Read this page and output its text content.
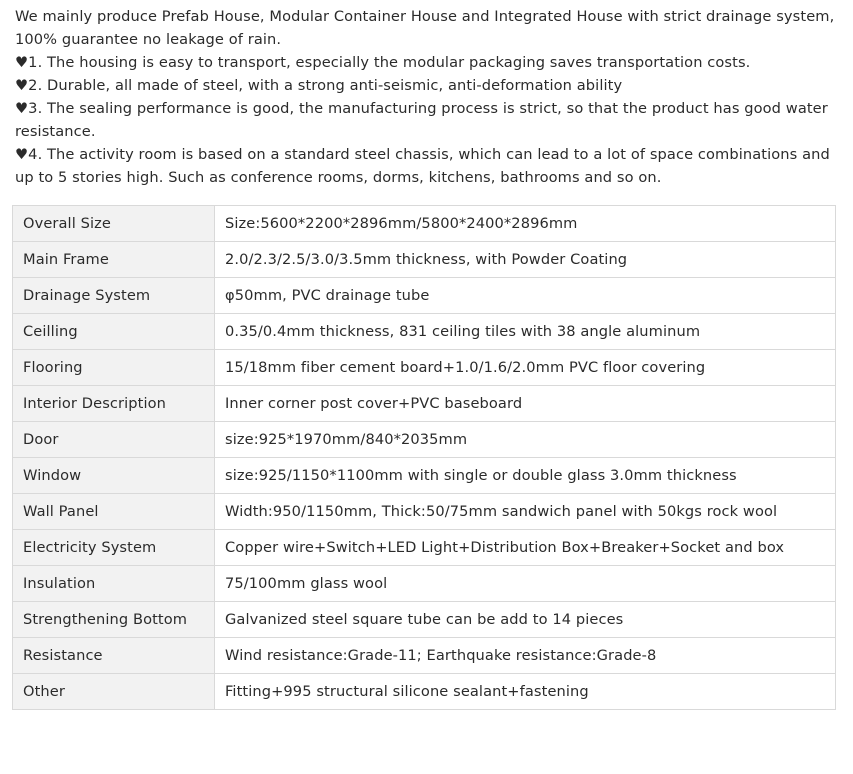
We mainly produce Prefab House, Modular Container House and Integrated House with strict drainage system, 100% guarantee no leakage of rain.

♥1. The housing is easy to transport, especially the modular packaging saves transportation costs.

♥2. Durable, all made of steel, with a strong anti-seismic, anti-deformation ability

♥3. The sealing performance is good, the manufacturing process is strict, so that the product has good water resistance.

♥4. The activity room is based on a standard steel chassis, which can lead to a lot of space combinations and up to 5 stories high. Such as conference rooms, dorms, kitchens, bathrooms and so on.

Overall Size	Size:5600*2200*2896mm/5800*2400*2896mm
Main Frame	2.0/2.3/2.5/3.0/3.5mm thickness, with Powder Coating
Drainage System	φ50mm, PVC drainage tube
Ceilling	0.35/0.4mm thickness, 831 ceiling tiles with 38 angle aluminum
Flooring	15/18mm fiber cement board+1.0/1.6/2.0mm PVC floor covering
Interior Description	Inner corner post cover+PVC baseboard
Door	size:925*1970mm/840*2035mm
Window	size:925/1150*1100mm with single or double glass 3.0mm thickness
Wall Panel	Width:950/1150mm, Thick:50/75mm sandwich panel with 50kgs rock wool
Electricity System	Copper wire+Switch+LED Light+Distribution Box+Breaker+Socket and box
Insulation	75/100mm glass wool
Strengthening Bottom	Galvanized steel square tube can be add to 14 pieces
Resistance	Wind resistance:Grade-11; Earthquake resistance:Grade-8
Other	Fitting+995 structural silicone sealant+fastening
